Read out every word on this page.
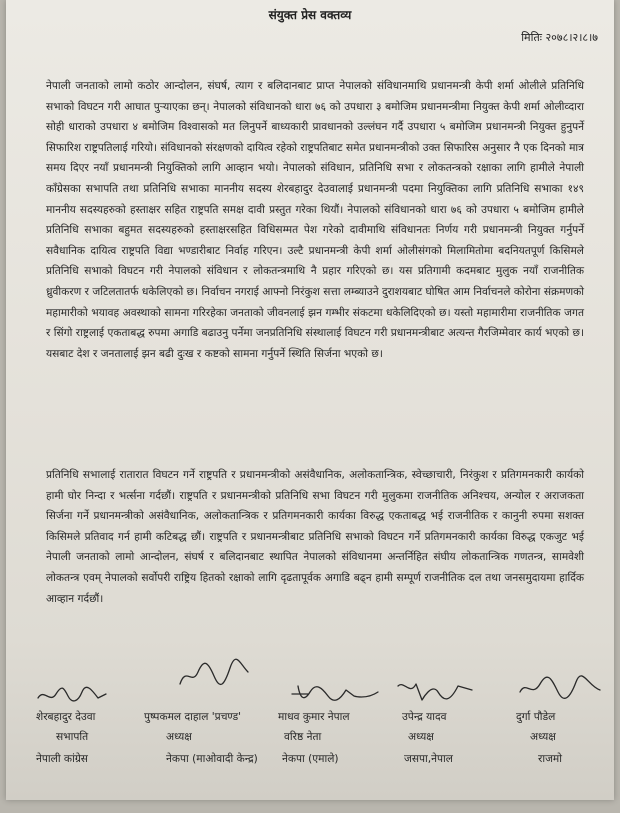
संयुक्त प्रेस वक्तव्य
मितिः २०७८।२।८।७

नेपाली जनताको लामो कठोर आन्दोलन, संघर्ष, त्याग र बलिदानबाट प्राप्त नेपालको संविधानमाथि प्रधानमन्त्री केपी शर्मा ओलीले प्रतिनिधि सभाको विघटन गरी आघात पुऱ्याएका छन्। नेपालको संविधानको धारा ७६ को उपधारा ३ बमोजिम प्रधानमन्त्रीमा नियुक्त केपी शर्मा ओलीव्दारा सोही धाराको उपधारा ४ बमोजिम विश्वासको मत लिनुपर्ने बाध्यकारी प्रावधानको उल्लंघन गर्दै उपधारा ५ बमोजिम प्रधानमन्त्री नियुक्त हुनुपर्ने सिफारिश राष्ट्रपतिलाई गरियो। संविधानको संरक्षणको दायित्व रहेको राष्ट्रपतिबाट समेत प्रधानमन्त्रीको उक्त सिफारिस अनुसार नै एक दिनको मात्र समय दिएर नयाँ प्रधानमन्त्री नियुक्तिको लागि आव्हान भयो। नेपालको संविधान, प्रतिनिधि सभा र लोकतन्त्रको रक्षाका लागि हामीले नेपाली काँग्रेसका सभापति तथा प्रतिनिधि सभाका माननीय सदस्य शेरबहादुर देउवालाई प्रधानमन्त्री पदमा नियुक्तिका लागि प्रतिनिधि सभाका १४९ माननीय सदस्यहरुको हस्ताक्षर सहित राष्ट्रपति समक्ष दावी प्रस्तुत गरेका थियौं। नेपालको संविधानको धारा ७६ को उपधारा ५ बमोजिम हामीले प्रतिनिधि सभाका बहुमत सदस्यहरुको हस्ताक्षरसहित विधिसम्मत पेश गरेको दावीमाथि संविधानतः निर्णय गरी प्रधानमन्त्री नियुक्त गर्नुपर्ने सवैधानिक दायित्व राष्ट्रपति विद्या भण्डारीबाट निर्वाह गरिएन। उल्टै प्रधानमन्त्री केपी शर्मा ओलीसंगको मिलामितोमा बदनियतपूर्ण किसिमले प्रतिनिधि सभाको विघटन गरी नेपालको संविधान र लोकतन्त्रमाथि नै प्रहार गरिएको छ। यस प्रतिगामी कदमबाट मुलुक नयाँ राजनीतिक ध्रुवीकरण र जटिलतातर्फ धकेलिएको छ। निर्वाचन नगराई आफ्नो निरंकुश सत्ता लम्ब्याउने दुराशयबाट घोषित आम निर्वाचनले कोरोना संक्रमणको महामारीको भयावह अवस्थाको सामना गरिरहेका जनताको जीवनलाई झन गम्भीर संकटमा धकेलिदिएको छ। यस्तो महामारीमा राजनीतिक जगत र सिंगो राष्ट्रलाई एकताबद्ध रुपमा अगाडि बढाउनु पर्नेमा जनप्रतिनिधि संस्थालाई विघटन गरी प्रधानमन्त्रीबाट अत्यन्त गैरजिम्मेवार कार्य भएको छ। यसबाट देश र जनतालाई झन बढी दुःख र कष्टको सामना गर्नुपर्ने स्थिति सिर्जना भएको छ।

प्रतिनिधि सभालाई रातारात विघटन गर्ने राष्ट्रपति र प्रधानमन्त्रीको असंवैधानिक, अलोकतान्त्रिक, स्वेच्छाचारी, निरंकुश र प्रतिगमनकारी कार्यको हामी घोर निन्दा र भर्त्सना गर्दछौं। राष्ट्रपति र प्रधानमन्त्रीको प्रतिनिधि सभा विघटन गरी मुलुकमा राजनीतिक अनिश्चय, अन्योल र अराजकता सिर्जना गर्ने प्रधानमन्त्रीको असंवैधानिक, अलोकतान्त्रिक र प्रतिगमनकारी कार्यका विरुद्ध एकताबद्ध भई राजनीतिक र कानुनी रुपमा सशक्त किसिमले प्रतिवाद गर्न हामी कटिबद्ध छौं। राष्ट्रपति र प्रधानमन्त्रीबाट प्रतिनिधि सभाको विघटन गर्ने प्रतिगमनकारी कार्यका विरुद्ध एकजुट भई नेपाली जनताको लामो आन्दोलन, संघर्ष र बलिदानबाट स्थापित नेपालको संविधानमा अन्तर्निहित संघीय लोकतान्त्रिक गणतन्त्र, सामवेशी लोकतन्त्र एवम् नेपालको सर्वोपरी राष्ट्रिय हितको रक्षाको लागि दृढतापूर्वक अगाडि बढ्न हामी सम्पूर्ण राजनीतिक दल तथा जनसमुदायमा हार्दिक आव्हान गर्दछौं।

शेरबहादुर देउवा
सभापति
नेपाली कांग्रेस
पुष्पकमल दाहाल 'प्रचण्ड'
अध्यक्ष
नेकपा (माओवादी केन्द्र)
माधव कुमार नेपाल
वरिष्ठ नेता
नेकपा (एमाले)
उपेन्द्र यादव
अध्यक्ष
जसपा,नेपाल
दुर्गा पौडेल
अध्यक्ष
राजमो
